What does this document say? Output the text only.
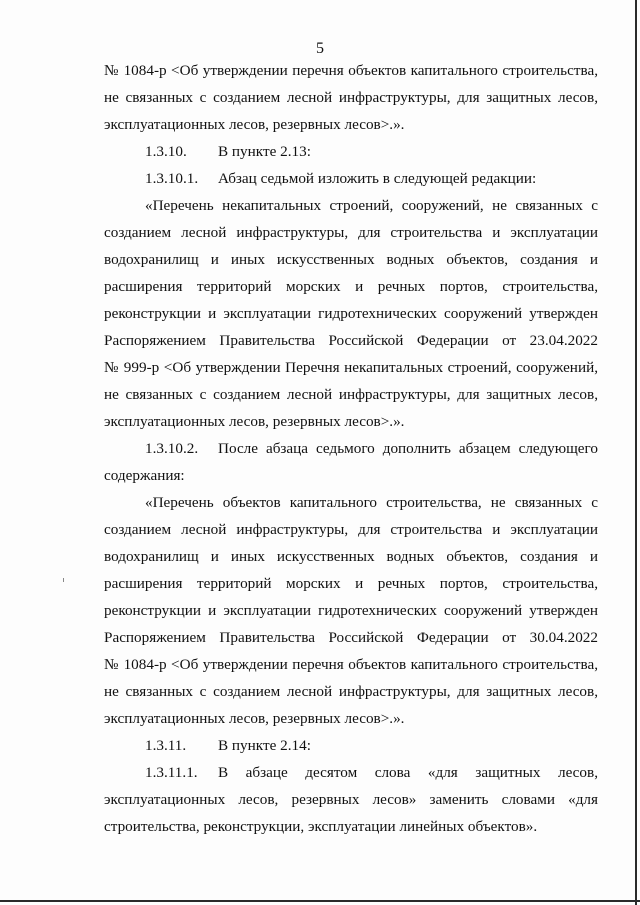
5
№ 1084-р <Об утверждении перечня объектов капитального строительства,
не связанных с созданием лесной инфраструктуры, для защитных лесов,
эксплуатационных лесов, резервных лесов>.».
1.3.10. В пункте 2.13:
1.3.10.1. Абзац седьмой изложить в следующей редакции:
«Перечень некапитальных строений, сооружений, не связанных с
созданием лесной инфраструктуры, для строительства и эксплуатации
водохранилищ и иных искусственных водных объектов, создания и
расширения территорий морских и речных портов, строительства,
реконструкции и эксплуатации гидротехнических сооружений утвержден
Распоряжением Правительства Российской Федерации от 23.04.2022
№ 999-р <Об утверждении Перечня некапитальных строений, сооружений,
не связанных с созданием лесной инфраструктуры, для защитных лесов,
эксплуатационных лесов, резервных лесов>.».
1.3.10.2. После абзаца седьмого дополнить абзацем следующего
содержания:
«Перечень объектов капитального строительства, не связанных с
созданием лесной инфраструктуры, для строительства и эксплуатации
водохранилищ и иных искусственных водных объектов, создания и
расширения территорий морских и речных портов, строительства,
реконструкции и эксплуатации гидротехнических сооружений утвержден
Распоряжением Правительства Российской Федерации от 30.04.2022
№ 1084-р <Об утверждении перечня объектов капитального строительства,
не связанных с созданием лесной инфраструктуры, для защитных лесов,
эксплуатационных лесов, резервных лесов>.».
1.3.11. В пункте 2.14:
1.3.11.1. В абзаце десятом слова «для защитных лесов,
эксплуатационных лесов, резервных лесов» заменить словами «для
строительства, реконструкции, эксплуатации линейных объектов».
